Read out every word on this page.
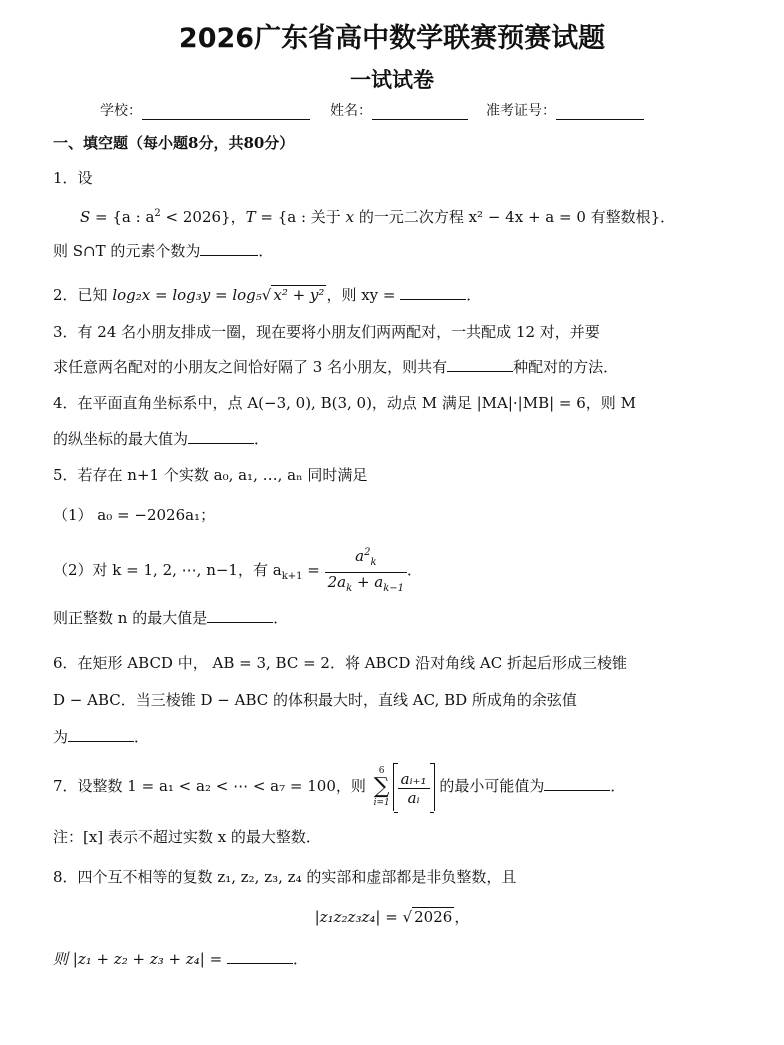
2026广东省高中数学联赛预赛试题
一试试卷
学校：	姓名：	准考证号：
一、填空题（每小题8分，共80分）
1．设
S = {a : $a^2 < 2026$}，T = {a : 关于 x 的一元二次方程 x² − 4x + a = 0 有整数根}．
则 S∩T 的元素个数为	．
2．已知 log₂x = log₃y = log₅√ x² + y² ，则 xy =	．
3．有 24 名小朋友排成一圈，现在要将小朋友们两两配对，一共配成 12 对，并要
求任意两名配对的小朋友之间恰好隔了 3 名小朋友，则共有	种配对的方法．
4．在平面直角坐标系中，点 A(−3, 0), B(3, 0)，动点 M 满足 |MA|·|MB| = 6，则 M
的纵坐标的最大值为	．
5．若存在 n+1 个实数 a₀, a₁, …, aₙ 同时满足
（1） a₀ = −2026a₁；
（2）对 k = 1, 2, ⋯, n−1，有 $a_{k+1} = \frac{a^2_k}{2a_k + a_{k-1}}$ ．
则正整数 n 的最大值是	．
6．在矩形 ABCD 中， AB = 3, BC = 2．将 ABCD 沿对角线 AC 折起后形成三棱锥
D − ABC．当三棱锥 D − ABC 的体积最大时，直线 AC, BD 所成角的余弦值
为	．
7．设整数 1 = a₁ < a₂ < ⋯ < a₇ = 100，则
6
∑
$i=1 \frac{\text{aᵢ₊₁}}{\text{aᵢ}}$ 的最小可能值为	．
注：[x] 表示不超过实数 x 的最大整数．
8．四个互不相等的复数 z₁, z₂, z₃, z₄ 的实部和虚部都是非负整数，且
|z₁z₂z₃z₄| = √ 2026 ，
则 |z₁ + z₂ + z₃ + z₄| =	．
